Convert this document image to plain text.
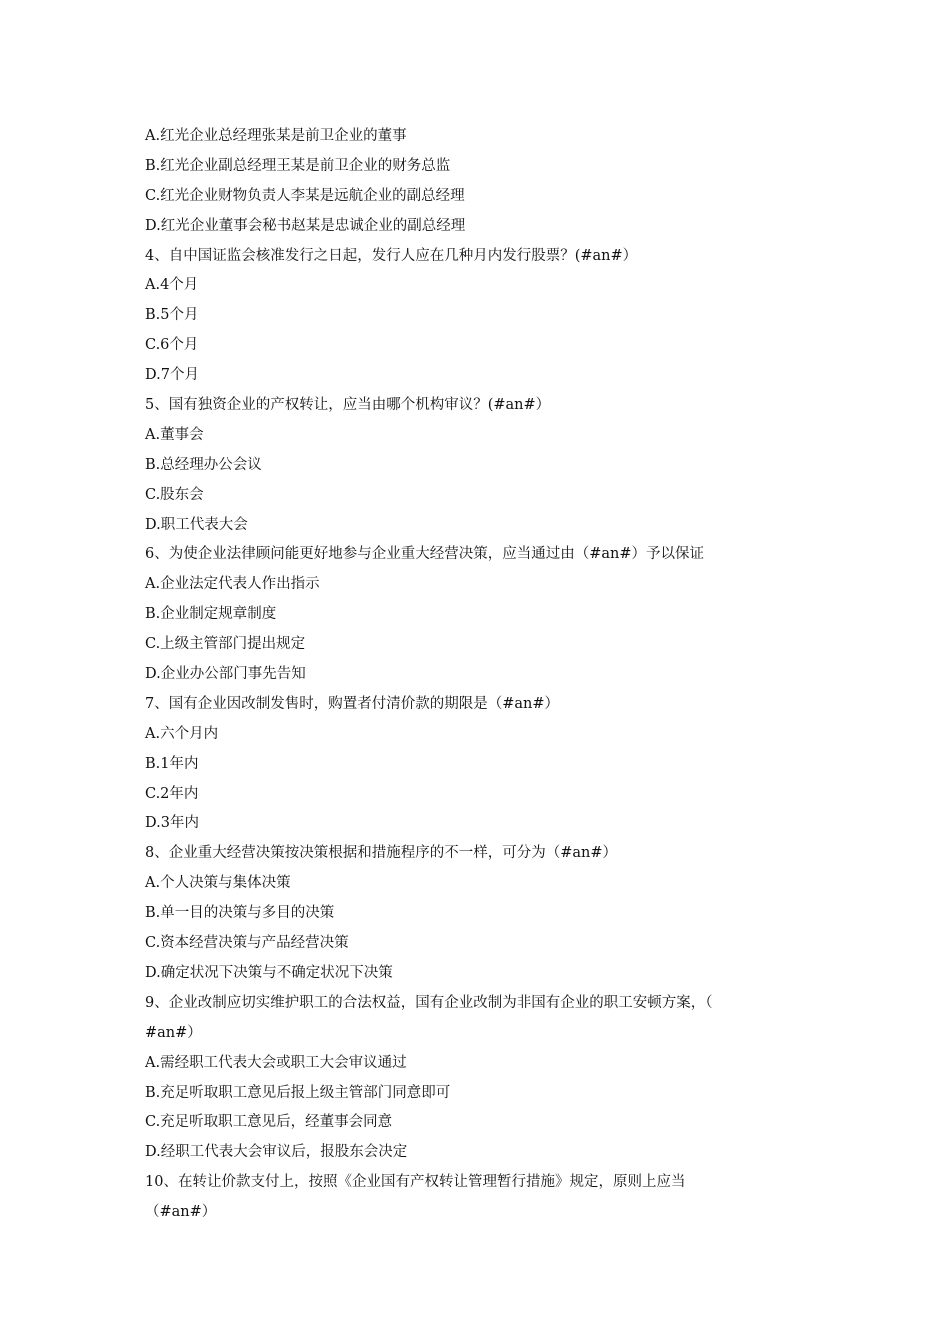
A.红光企业总经理张某是前卫企业的董事
B.红光企业副总经理王某是前卫企业的财务总监
C.红光企业财物负责人李某是远航企业的副总经理
D.红光企业董事会秘书赵某是忠诚企业的副总经理
4、自中国证监会核准发行之日起，发行人应在几种月内发行股票？(#an#）
A.4个月
B.5个月
C.6个月
D.7个月
5、国有独资企业的产权转让，应当由哪个机构审议？(#an#）
A.董事会
B.总经理办公会议
C.股东会
D.职工代表大会
6、为使企业法律顾问能更好地参与企业重大经营决策，应当通过由（#an#）予以保证
A.企业法定代表人作出指示
B.企业制定规章制度
C.上级主管部门提出规定
D.企业办公部门事先告知
7、国有企业因改制发售时，购置者付清价款的期限是（#an#）
A.六个月内
B.1年内
C.2年内
D.3年内
8、企业重大经营决策按决策根据和措施程序的不一样，可分为（#an#）
A.个人决策与集体决策
B.单一目的决策与多目的决策
C.资本经营决策与产品经营决策
D.确定状况下决策与不确定状况下决策
9、企业改制应切实维护职工的合法权益，国有企业改制为非国有企业的职工安顿方案，（
#an#）
A.需经职工代表大会或职工大会审议通过
B.充足听取职工意见后报上级主管部门同意即可
C.充足听取职工意见后，经董事会同意
D.经职工代表大会审议后，报股东会决定
10、在转让价款支付上，按照《企业国有产权转让管理暂行措施》规定，原则上应当
（#an#）
